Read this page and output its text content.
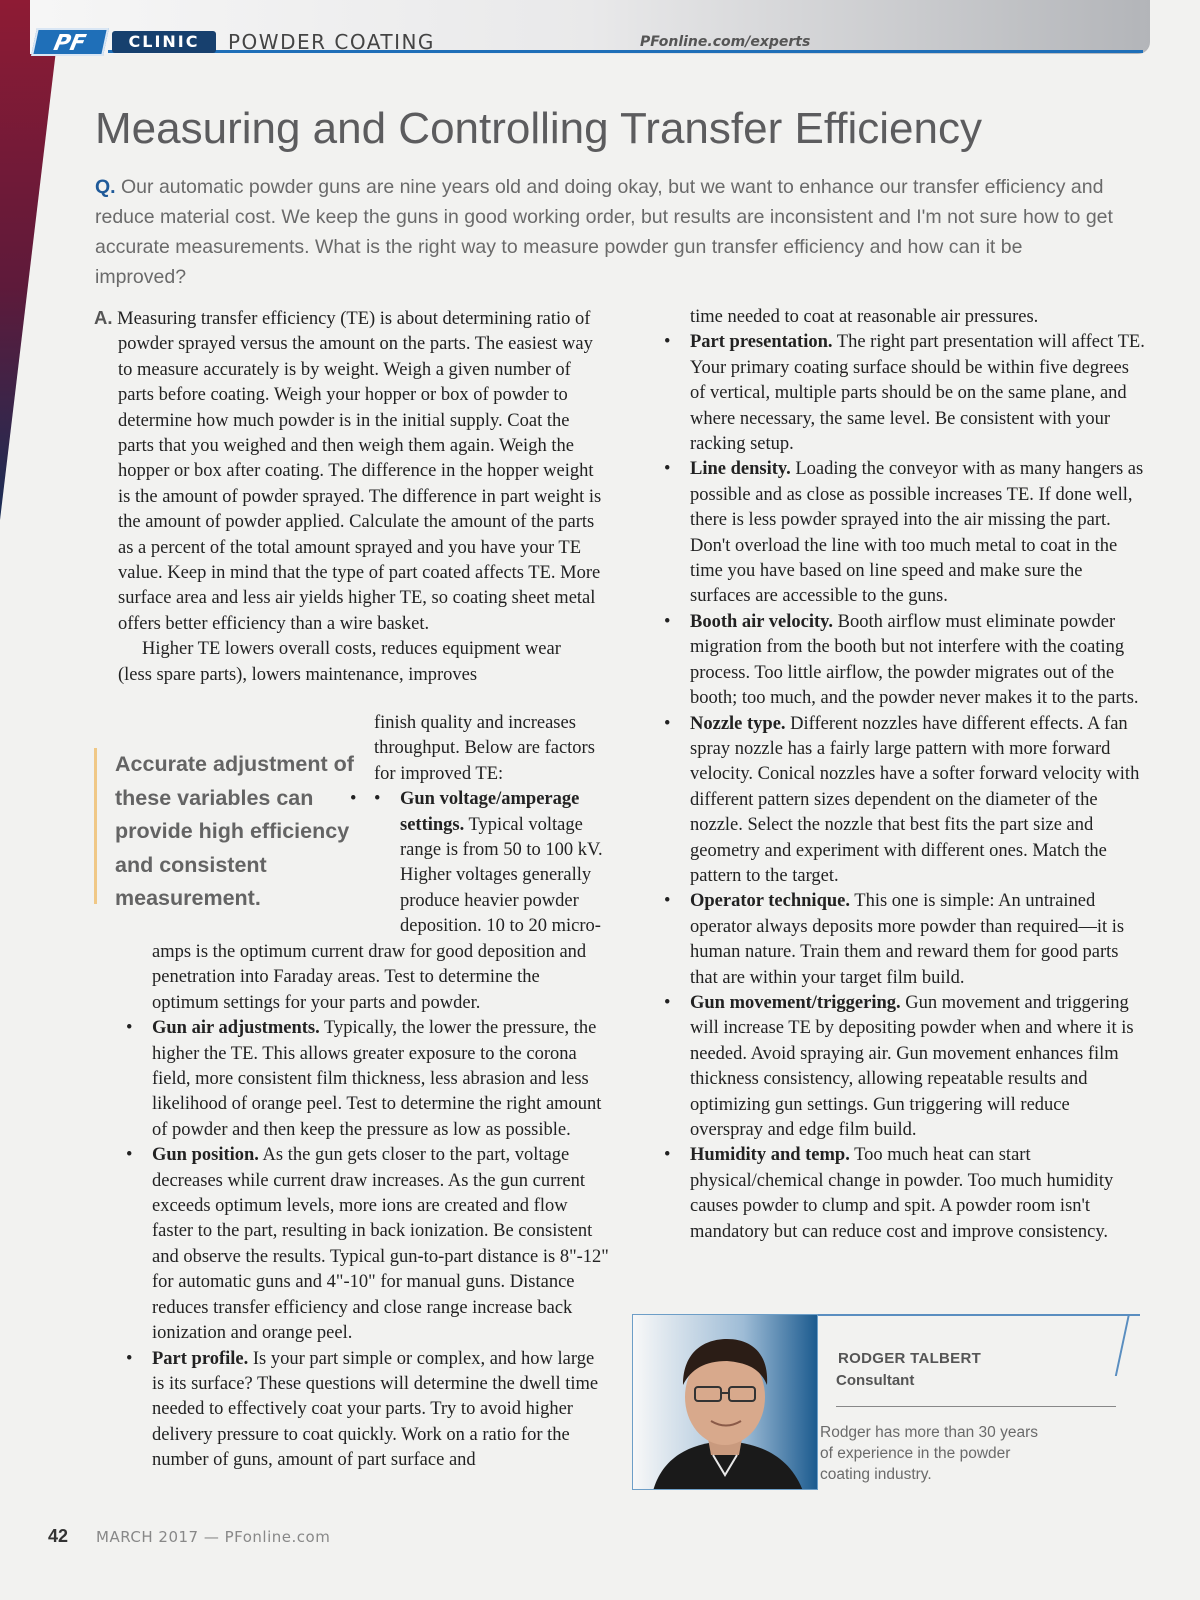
PF	CLINIC	POWDER COATING	PFonline.com/experts
Measuring and Controlling Transfer Efficiency

Q. Our automatic powder guns are nine years old and doing okay, but we want to enhance our transfer efficiency and reduce material cost. We keep the guns in good working order, but results are inconsistent and I'm not sure how to get accurate measurements. What is the right way to measure powder gun transfer efficiency and how can it be improved?

A. Measuring transfer efficiency (TE) is about determining ratio of powder sprayed versus the amount on the parts. The easiest way to measure accurately is by weight. Weigh a given number of parts before coating. Weigh your hopper or box of powder to determine how much powder is in the initial supply. Coat the parts that you weighed and then weigh them again. Weigh the hopper or box after coating. The difference in the hopper weight is the amount of powder sprayed. The difference in part weight is the amount of powder applied. Calculate the amount of the parts as a percent of the total amount sprayed and you have your TE value. Keep in mind that the type of part coated affects TE. More surface area and less air yields higher TE, so coating sheet metal offers better efficiency than a wire basket.

Higher TE lowers overall costs, reduces equipment wear (less spare parts), lowers maintenance, improves

Accurate adjustment of these variables can provide high efficiency and consistent measurement.

finish quality and increases throughput. Below are factors for improved TE:

• • Gun voltage/amperage settings. Typical voltage range is from 50 to 100 kV. Higher voltages generally produce heavier powder deposition. 10 to 20 micro-

amps is the optimum current draw for good deposition and penetration into Faraday areas. Test to determine the optimum settings for your parts and powder.

• Gun air adjustments. Typically, the lower the pressure, the higher the TE. This allows greater exposure to the corona field, more consistent film thickness, less abrasion and less likelihood of orange peel. Test to determine the right amount of powder and then keep the pressure as low as possible.

• Gun position. As the gun gets closer to the part, voltage decreases while current draw increases. As the gun current exceeds optimum levels, more ions are created and flow faster to the part, resulting in back ionization. Be consistent and observe the results. Typical gun-to-part distance is 8"-12" for automatic guns and 4"-10" for manual guns. Distance reduces transfer efficiency and close range increase back ionization and orange peel.

• Part profile. Is your part simple or complex, and how large is its surface? These questions will determine the dwell time needed to effectively coat your parts. Try to avoid higher delivery pressure to coat quickly. Work on a ratio for the number of guns, amount of part surface and

time needed to coat at reasonable air pressures.

• Part presentation. The right part presentation will affect TE. Your primary coating surface should be within five degrees of vertical, multiple parts should be on the same plane, and where necessary, the same level. Be consistent with your racking setup.

• Line density. Loading the conveyor with as many hangers as possible and as close as possible increases TE. If done well, there is less powder sprayed into the air missing the part. Don't overload the line with too much metal to coat in the time you have based on line speed and make sure the surfaces are accessible to the guns.

• Booth air velocity. Booth airflow must eliminate powder migration from the booth but not interfere with the coating process. Too little airflow, the powder migrates out of the booth; too much, and the powder never makes it to the parts.

• Nozzle type. Different nozzles have different effects. A fan spray nozzle has a fairly large pattern with more forward velocity. Conical nozzles have a softer forward velocity with different pattern sizes dependent on the diameter of the nozzle. Select the nozzle that best fits the part size and geometry and experiment with different ones. Match the pattern to the target.

• Operator technique. This one is simple: An untrained operator always deposits more powder than required—it is human nature. Train them and reward them for good parts that are within your target film build.

• Gun movement/triggering. Gun movement and triggering will increase TE by depositing powder when and where it is needed. Avoid spraying air. Gun movement enhances film thickness consistency, allowing repeatable results and optimizing gun settings. Gun triggering will reduce overspray and edge film build.

• Humidity and temp. Too much heat can start physical/chemical change in powder. Too much humidity causes powder to clump and spit. A powder room isn't mandatory but can reduce cost and improve consistency.

RODGER TALBERT
Consultant
Rodger has more than 30 years of experience in the powder coating industry.
42 MARCH 2017 — PFonline.com
